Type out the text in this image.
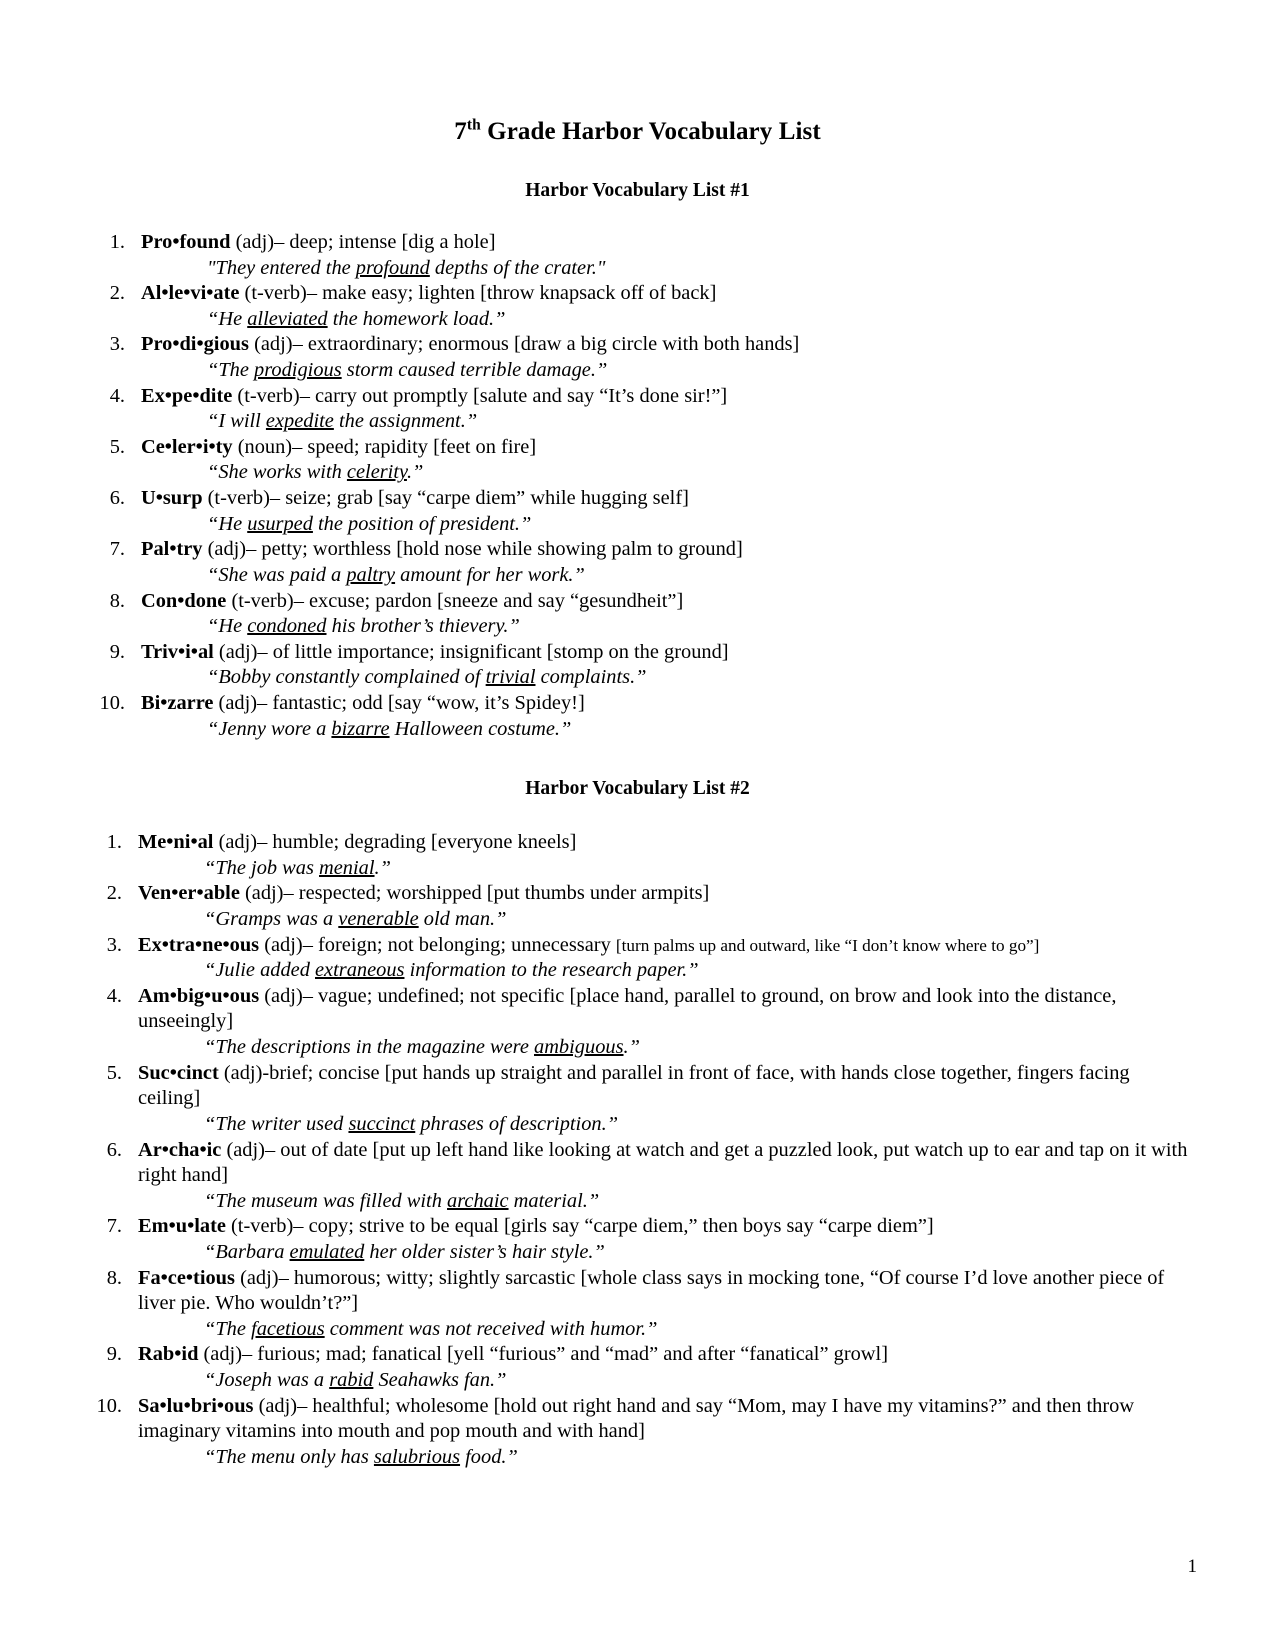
7th Grade Harbor Vocabulary List
Harbor Vocabulary List #1
1. Pro•found (adj)– deep; intense [dig a hole]
"They entered the profound depths of the crater."
2. Al•le•vi•ate (t-verb)– make easy; lighten [throw knapsack off of back]
“He alleviated the homework load.”
3. Pro•di•gious (adj)– extraordinary; enormous [draw a big circle with both hands]
“The prodigious storm caused terrible damage.”
4. Ex•pe•dite (t-verb)– carry out promptly [salute and say “It’s done sir!”]
“I will expedite the assignment.”
5. Ce•ler•i•ty (noun)– speed; rapidity [feet on fire]
“She works with celerity.”
6. U•surp (t-verb)– seize; grab [say “carpe diem” while hugging self]
“He usurped the position of president.”
7. Pal•try (adj)– petty; worthless [hold nose while showing palm to ground]
“She was paid a paltry amount for her work.”
8. Con•done (t-verb)– excuse; pardon [sneeze and say “gesundheit”]
“He condoned his brother’s thievery.”
9. Triv•i•al (adj)– of little importance; insignificant [stomp on the ground]
“Bobby constantly complained of trivial complaints.”
10. Bi•zarre (adj)– fantastic; odd [say “wow, it’s Spidey!]
“Jenny wore a bizarre Halloween costume.”
Harbor Vocabulary List #2
1. Me•ni•al (adj)– humble; degrading [everyone kneels]
“The job was menial.”
2. Ven•er•able (adj)– respected; worshipped [put thumbs under armpits]
“Gramps was a venerable old man.”
3. Ex•tra•ne•ous (adj)– foreign; not belonging; unnecessary [turn palms up and outward, like “I don’t know where to go”]
“Julie added extraneous information to the research paper.”
4. Am•big•u•ous (adj)– vague; undefined; not specific [place hand, parallel to ground, on brow and look into the distance, unseeingly]
“The descriptions in the magazine were ambiguous.”
5. Suc•cinct (adj)-brief; concise [put hands up straight and parallel in front of face, with hands close together, fingers facing ceiling]
“The writer used succinct phrases of description.”
6. Ar•cha•ic (adj)– out of date [put up left hand like looking at watch and get a puzzled look, put watch up to ear and tap on it with right hand]
“The museum was filled with archaic material.”
7. Em•u•late (t-verb)– copy; strive to be equal [girls say “carpe diem,” then boys say “carpe diem”]
“Barbara emulated her older sister’s hair style.”
8. Fa•ce•tious (adj)– humorous; witty; slightly sarcastic [whole class says in mocking tone, “Of course I’d love another piece of liver pie. Who wouldn’t?”]
“The facetious comment was not received with humor.”
9. Rab•id (adj)– furious; mad; fanatical [yell “furious” and “mad” and after “fanatical” growl]
“Joseph was a rabid Seahawks fan.”
10. Sa•lu•bri•ous (adj)– healthful; wholesome [hold out right hand and say “Mom, may I have my vitamins?” and then throw imaginary vitamins into mouth and pop mouth and with hand]
“The menu only has salubrious food.”
1
